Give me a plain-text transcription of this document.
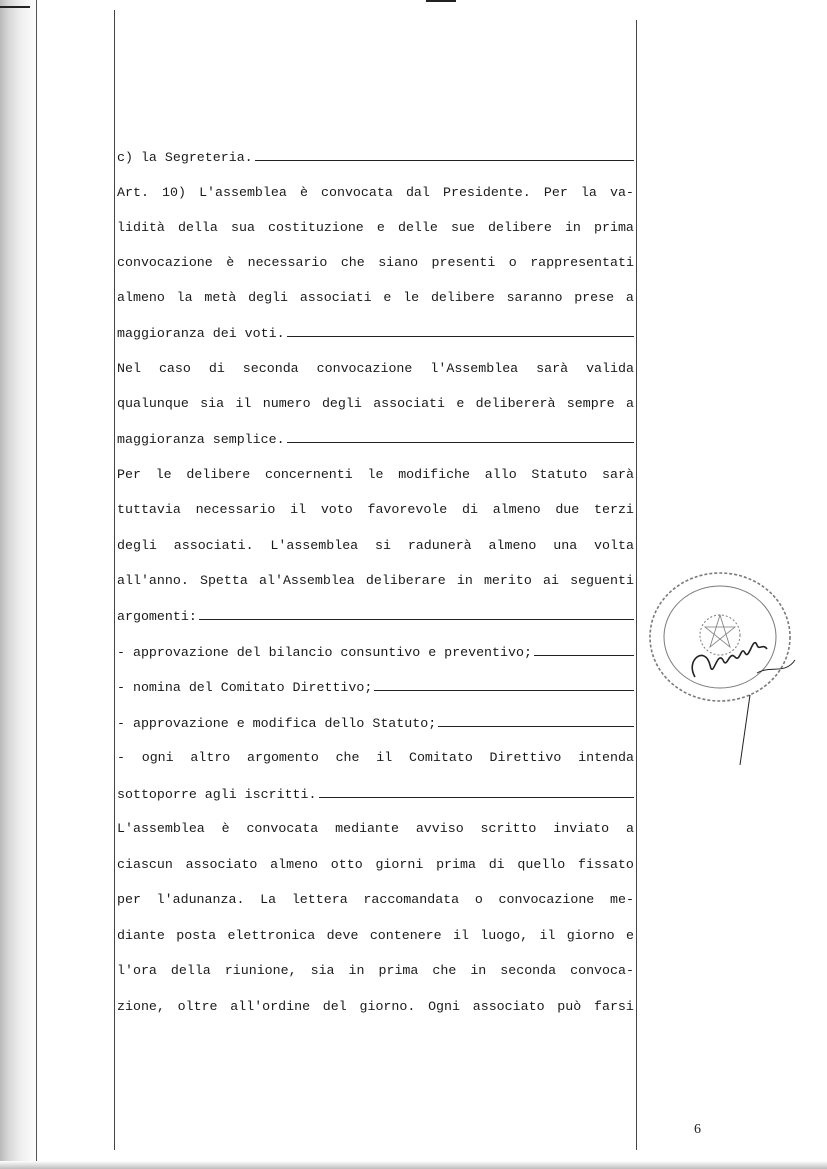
c) la Segreteria.
Art. 10) L'assemblea è convocata dal Presidente. Per la va-
lidità della sua costituzione e delle sue delibere in prima
convocazione è necessario che siano presenti o rappresentati
almeno la metà degli associati e le delibere saranno prese a
maggioranza dei voti.
Nel caso di seconda convocazione l'Assemblea sarà valida
qualunque sia il numero degli associati e delibererà sempre a
maggioranza semplice.
Per le delibere concernenti le modifiche allo Statuto sarà
tuttavia necessario il voto favorevole di almeno due terzi
degli associati. L'assemblea si radunerà almeno una volta
all'anno. Spetta al'Assemblea deliberare in merito ai seguenti
argomenti:
- approvazione del bilancio consuntivo e preventivo;
- nomina del Comitato Direttivo;
- approvazione e modifica dello Statuto;
- ogni altro argomento che il Comitato Direttivo intenda
sottoporre agli iscritti.
L'assemblea è convocata mediante avviso scritto inviato a
ciascun associato almeno otto giorni prima di quello fissato
per l'adunanza. La lettera raccomandata o convocazione me-
diante posta elettronica deve contenere il luogo, il giorno e
l'ora della riunione, sia in prima che in seconda convoca-
zione, oltre all'ordine del giorno. Ogni associato può farsi
6
